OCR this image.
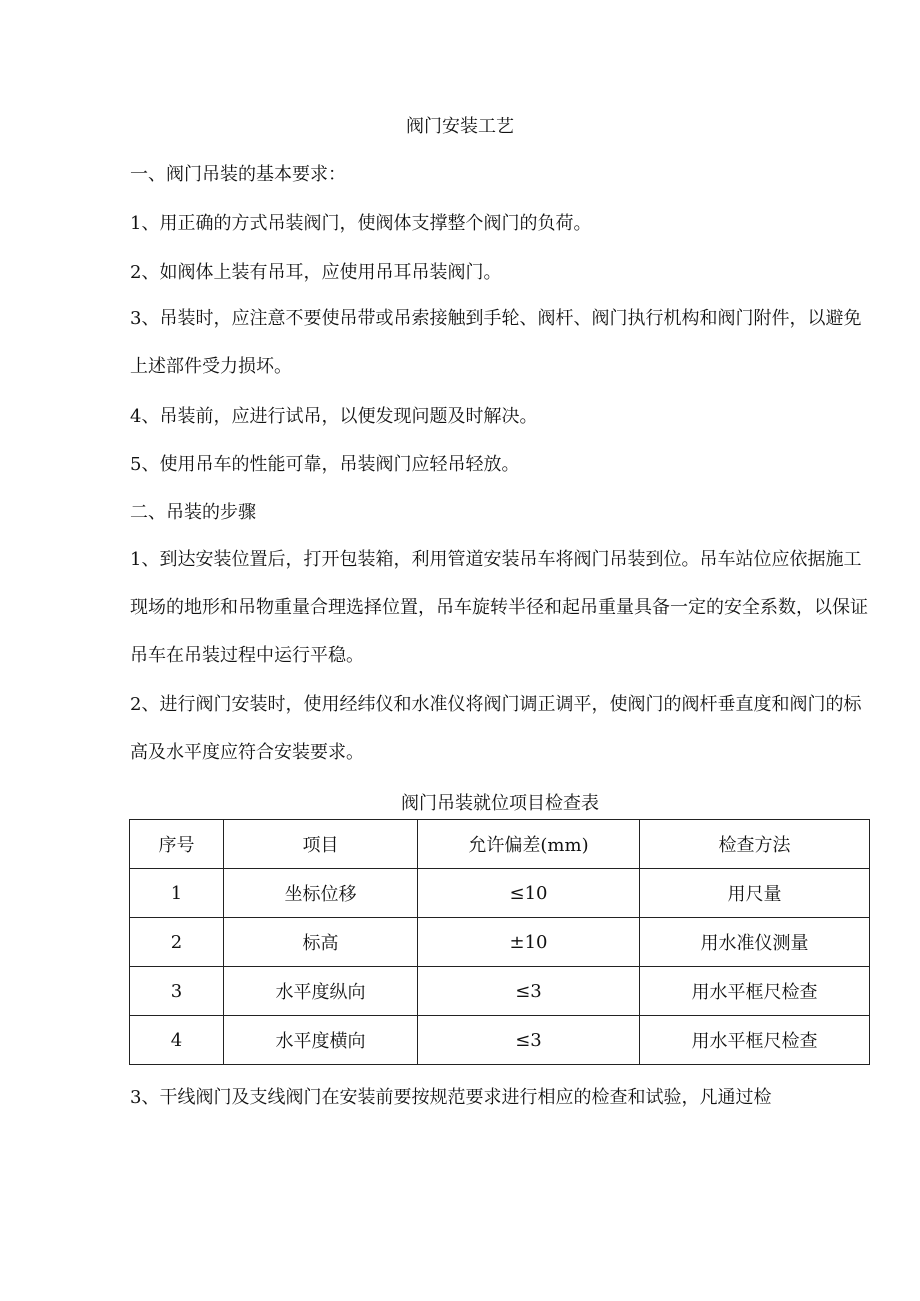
阀门安装工艺

一、阀门吊装的基本要求：

1、用正确的方式吊装阀门，使阀体支撑整个阀门的负荷。

2、如阀体上装有吊耳，应使用吊耳吊装阀门。

3、吊装时，应注意不要使吊带或吊索接触到手轮、阀杆、阀门执行机构和阀门附件，以避免上述部件受力损坏。

4、吊装前，应进行试吊，以便发现问题及时解决。

5、使用吊车的性能可靠，吊装阀门应轻吊轻放。

二、吊装的步骤

1、到达安装位置后，打开包装箱，利用管道安装吊车将阀门吊装到位。吊车站位应依据施工现场的地形和吊物重量合理选择位置，吊车旋转半径和起吊重量具备一定的安全系数，以保证吊车在吊装过程中运行平稳。

2、进行阀门安装时，使用经纬仪和水准仪将阀门调正调平，使阀门的阀杆垂直度和阀门的标高及水平度应符合安装要求。

阀门吊装就位项目检查表
序号	项目	允许偏差(mm)	检查方法
1	坐标位移	≤10	用尺量
2	标高	±10	用水准仪测量
3	水平度纵向	≤3	用水平框尺检查
4	水平度横向	≤3	用水平框尺检查

3、干线阀门及支线阀门在安装前要按规范要求进行相应的检查和试验，凡通过检
